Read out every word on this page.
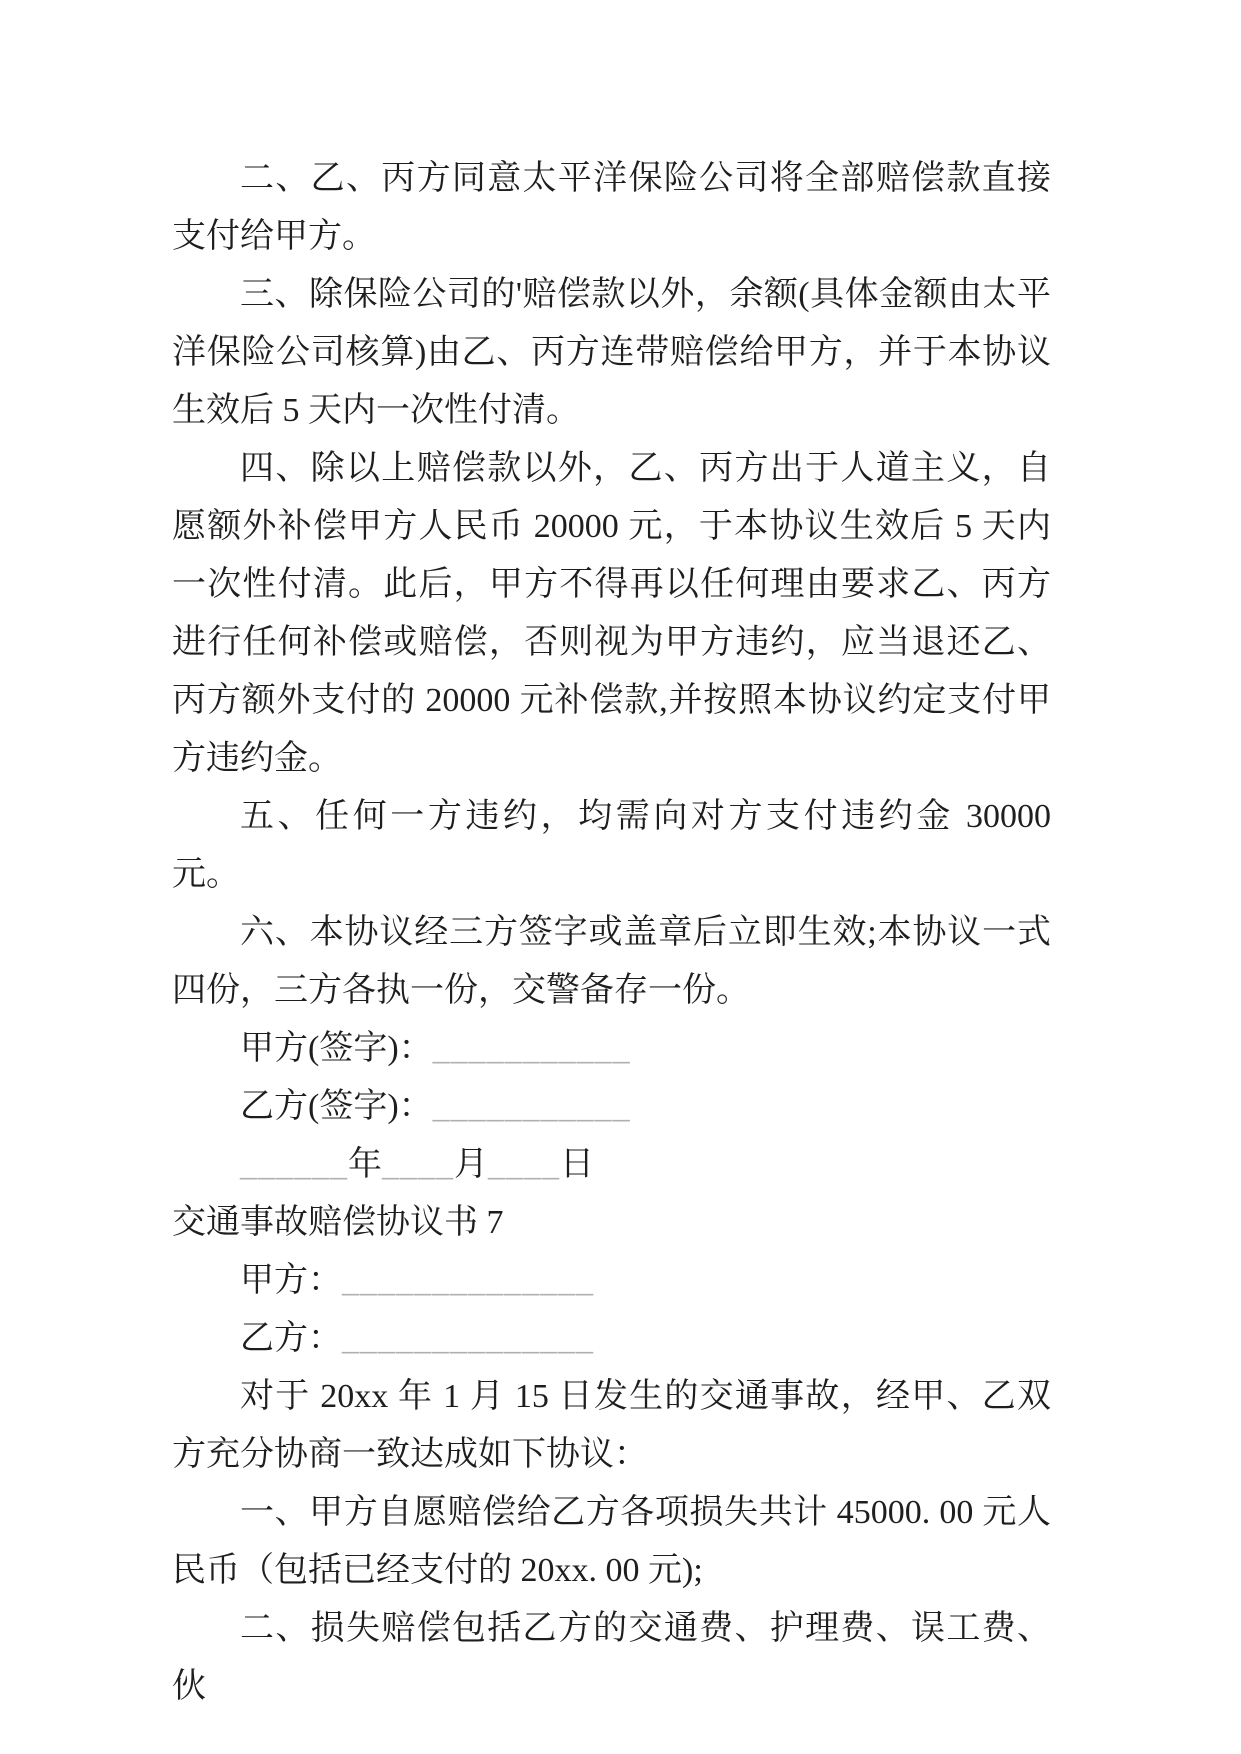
二、乙、丙方同意太平洋保险公司将全部赔偿款直接支付给甲方。

三、除保险公司的'赔偿款以外，余额(具体金额由太平洋保险公司核算)由乙、丙方连带赔偿给甲方，并于本协议生效后 5 天内一次性付清。

四、除以上赔偿款以外，乙、丙方出于人道主义，自愿额外补偿甲方人民币 20000 元，于本协议生效后 5 天内一次性付清。此后，甲方不得再以任何理由要求乙、丙方进行任何补偿或赔偿，否则视为甲方违约，应当退还乙、丙方额外支付的 20000 元补偿款,并按照本协议约定支付甲方违约金。

五、任何一方违约，均需向对方支付违约金 30000 元。

六、本协议经三方签字或盖章后立即生效;本协议一式四份，三方各执一份，交警备存一份。

甲方(签字)：___________

乙方(签字)：___________

______年____月____日

交通事故赔偿协议书 7

甲方：______________

乙方：______________

对于 20xx 年 1 月 15 日发生的交通事故，经甲、乙双方充分协商一致达成如下协议：

一、甲方自愿赔偿给乙方各项损失共计 45000. 00 元人民币（包括已经支付的 20xx. 00 元);

二、损失赔偿包括乙方的交通费、护理费、误工费、伙
